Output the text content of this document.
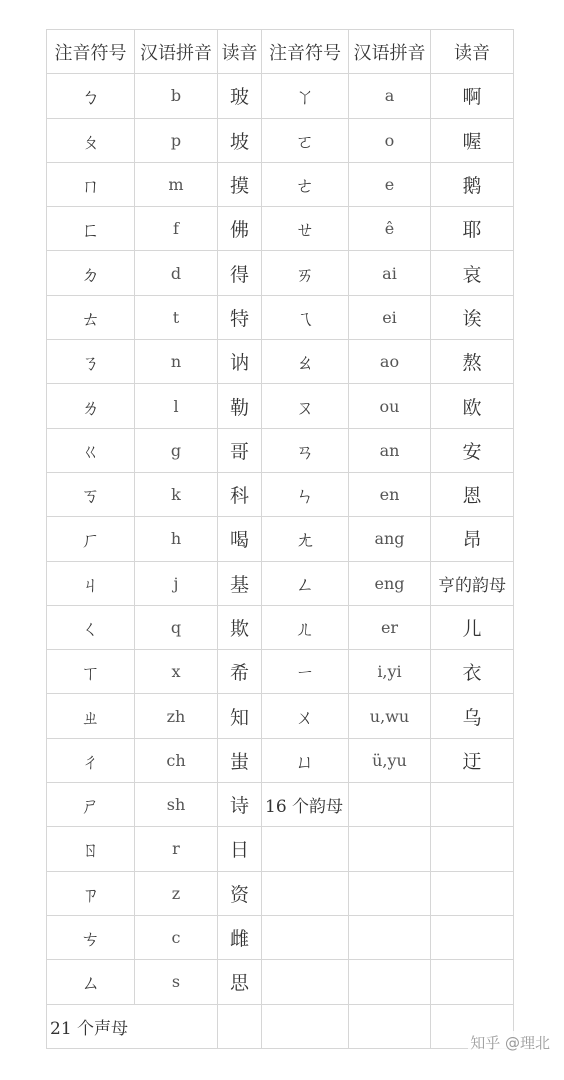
注音符号	汉语拼音	读音	注音符号	汉语拼音	读音
ㄅ	b	玻	ㄚ	a	啊
ㄆ	p	坡	ㄛ	o	喔
ㄇ	m	摸	ㄜ	e	鹅
ㄈ	f	佛	ㄝ	ê	耶
ㄉ	d	得	ㄞ	ai	哀
ㄊ	t	特	ㄟ	ei	诶
ㄋ	n	讷	ㄠ	ao	熬
ㄌ	l	勒	ㄡ	ou	欧
ㄍ	g	哥	ㄢ	an	安
ㄎ	k	科	ㄣ	en	恩
ㄏ	h	喝	ㄤ	ang	昂
ㄐ	j	基	ㄥ	eng	亨的韵母
ㄑ	q	欺	ㄦ	er	儿
ㄒ	x	希	ㄧ	i,yi	衣
ㄓ	zh	知	ㄨ	u,wu	乌
ㄔ	ch	蚩	ㄩ	ü,yu	迂
ㄕ	sh	诗	16 个韵母		
ㄖ	r	日			
ㄗ	z	资			
ㄘ	c	雌			
ㄙ	s	思			
21 个声母					
知乎 @理北
